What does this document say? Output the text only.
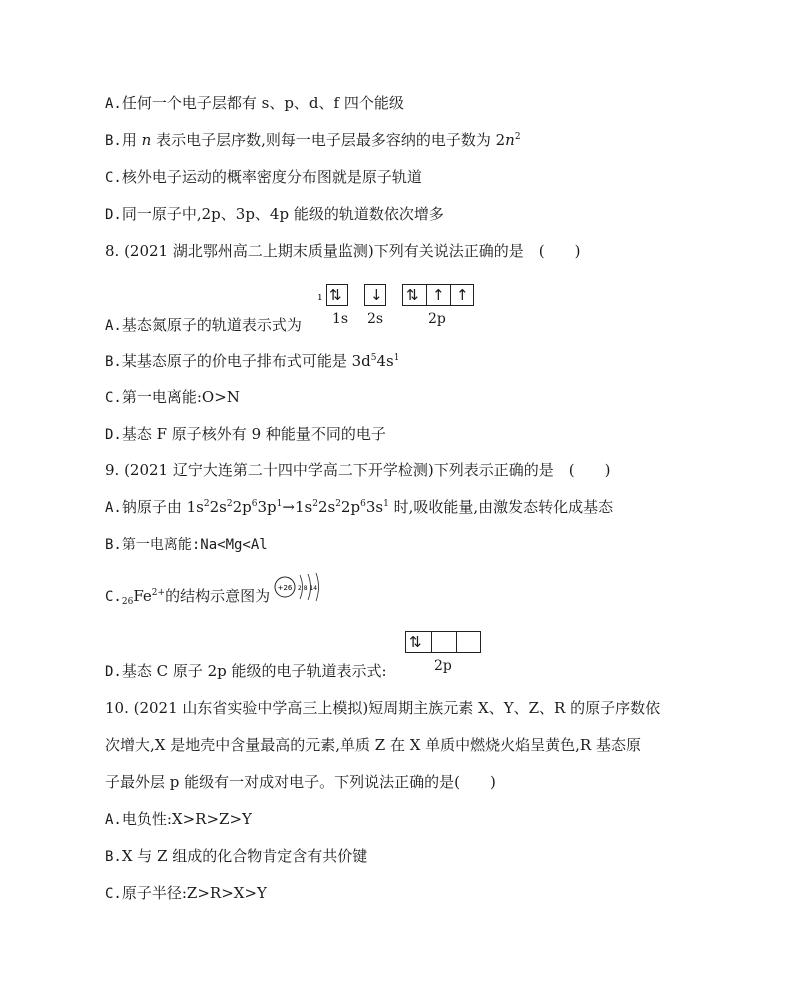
A.任何一个电子层都有 s、p、d、f 四个能级
B.用 n 表示电子层序数,则每一电子层最多容纳的电子数为 $2n^2$
C.核外电子运动的概率密度分布图就是原子轨道
D.同一原子中,2p、3p、4p 能级的轨道数依次增多
8. (2021 湖北鄂州高二上期末质量监测)下列有关说法正确的是　(　　)
ı ⇅ ↓ ⇅ ↑ ↑
1s 2s	2p
A.基态氮原子的轨道表示式为
B.某基态原子的价电子排布式可能是 $3d^54s^1$
C.第一电离能:O>N
D.基态 F 原子核外有 9 种能量不同的电子
9. (2021 辽宁大连第二十四中学高二下开学检测)下列表示正确的是　(　　)
A.钠原子由 $1s^22s^22p^63p^1\to 1s^22s^22p^63s^1$ 时,吸收能量,由激发态转化成基态
B.第一电离能:Na<Mg<Al
$C._{26}Fe^{2+}$的结构示意图为 +26 2 8 14
⇅
2p
D.基态 C 原子 2p 能级的电子轨道表示式:
10. (2021 山东省实验中学高三上模拟)短周期主族元素 X、Y、Z、R 的原子序数依
次增大,X 是地壳中含量最高的元素,单质 Z 在 X 单质中燃烧火焰呈黄色,R 基态原
子最外层 p 能级有一对成对电子。下列说法正确的是(　　)
A.电负性:X>R>Z>Y
B.X 与 Z 组成的化合物肯定含有共价键
C.原子半径:Z>R>X>Y
